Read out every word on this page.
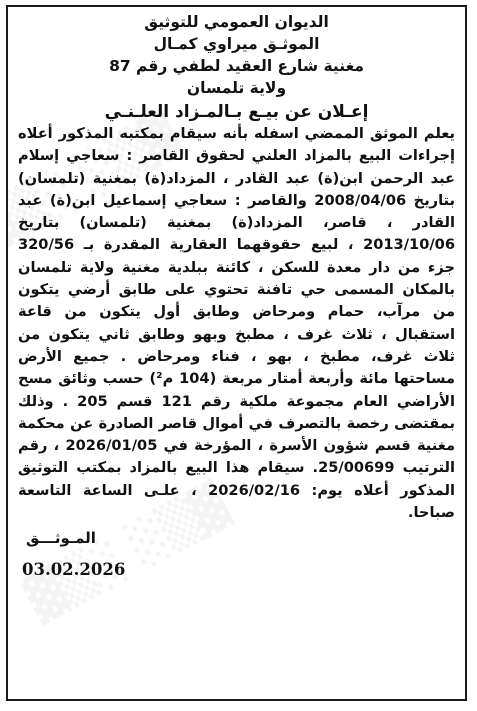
الديوان العمومي للتوثيق
الموثـق ميراوي كمـال
مغنية شارع العقيد لطفي رقم 87
ولاية تلمسان
إعـلان عن بيـع بـالمـزاد العلـنـي
يعلم الموثق الممضي اسفله بأنه سيقام بمكتبه المذكور أعلاه إجراءات البيع بالمزاد العلني لحقوق القاصر : سعاجي إسلام عبد الرحمن ابن(ة) عبد القادر ، المزداد(ة) بمغنية (تلمسان) بتاريخ 2008/04/06 والقاصر : سعاجي إسماعيل ابن(ة) عبد القادر ، قاصر، المزداد(ة) بمغنية (تلمسان) بتاريخ 2013/10/06 ، لبيع حقوقهما العقارية المقدرة بـ 320/56 جزء من دار معدة للسكن ، كائنة ببلدية مغنية ولاية تلمسان بالمكان المسمى حي تافنة تحتوي على طابق أرضي يتكون من مرآب، حمام ومرحاض وطابق أول يتكون من قاعة استقبال ، ثلاث غرف ، مطبخ وبهو وطابق ثاني يتكون من ثلاث غرف، مطبخ ، بهو ، فناء ومرحاض . جميع الأرض مساحتها مائة وأربعة أمتار مربعة (104 م²) حسب وثائق مسح الأراضي العام مجموعة ملكية رقم 121 قسم 205 . وذلك بمقتضى رخصة بالتصرف في أموال قاصر الصادرة عن محكمة مغنية قسم شؤون الأسرة ، المؤرخة في 2026/01/05 ، رقم الترتيب 25/00699. سيقام هذا البيع بالمزاد بمكتب التوثيق المذكور أعلاه يوم: 2026/02/16 ، علـى الساعة التاسعة صباحا.
المـوثـــق
03.02.2026
